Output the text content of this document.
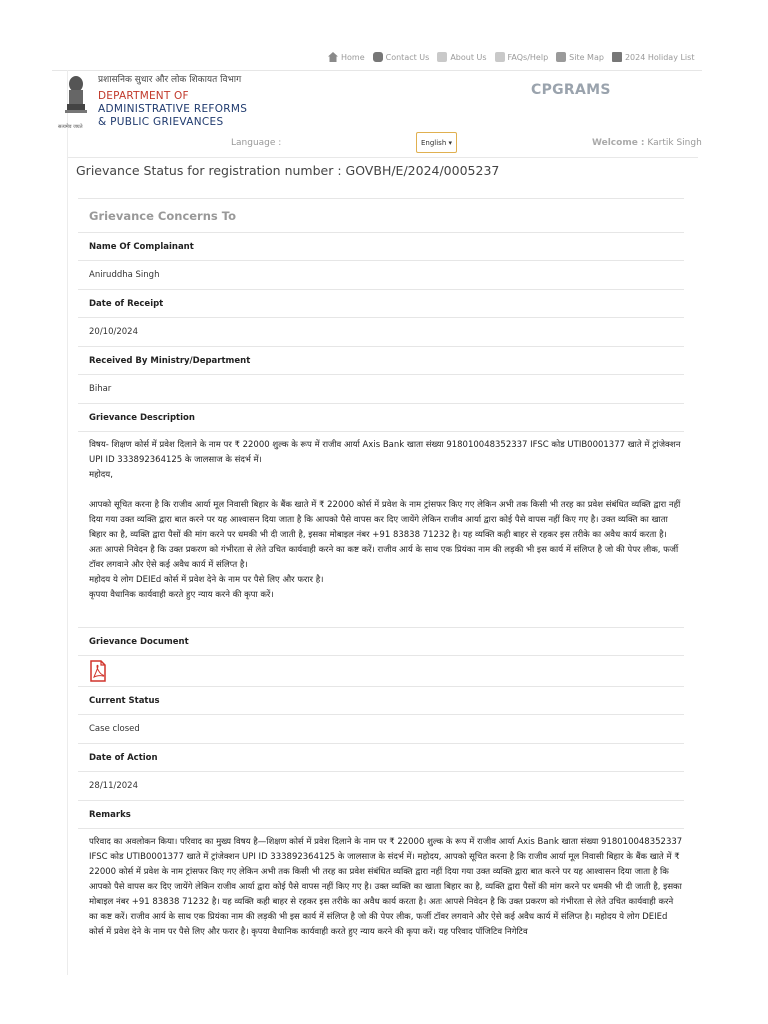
Home	Contact Us	About Us	FAQs/Help	Site Map	2024 Holiday List
सत्यमेव जयते
प्रशासनिक सुधार और लोक शिकायत विभाग
DEPARTMENT OF
ADMINISTRATIVE REFORMS
& PUBLIC GRIEVANCES
CPGRAMS
Language :	English ▾	Welcome : Kartik Singh
Grievance Status for registration number : GOVBH/E/2024/0005237
Grievance Concerns To
Name Of Complainant
Aniruddha Singh
Date of Receipt
20/10/2024
Received By Ministry/Department
Bihar
Grievance Description

विषय- शिक्षण कोर्स में प्रवेश दिलाने के नाम पर ₹ 22000 शुल्क के रूप में राजीव आर्या Axis Bank खाता संख्या 918010048352337 IFSC कोड UTIB0001377 खाते में ट्रांजेक्शन UPI ID 333892364125 के जालसाज के संदर्भ में।

महोदय,

आपको सूचित करना है कि राजीव आर्या मूल निवासी बिहार के बैंक खाते में ₹ 22000 कोर्स में प्रवेश के नाम ट्रांसफर किए गए लेकिन अभी तक किसी भी तरह का प्रवेश संबंधित व्यक्ति द्वारा नहीं दिया गया उक्त व्यक्ति द्वारा बात करने पर यह आश्वासन दिया जाता है कि आपको पैसे वापस कर दिए जायेंगे लेकिन राजीव आर्या द्वारा कोई पैसे वापस नहीं किए गए है। उक्त व्यक्ति का खाता बिहार का है, व्यक्ति द्वारा पैसों की मांग करने पर धमकी भी दी जाती है, इसका मोबाइल नंबर +91 83838 71232 है। यह व्यक्ति कही बाहर से रहकर इस तरीके का अवैध कार्य करता है।

अतः आपसे निवेदन है कि उक्त प्रकरण को गंभीरता से लेते उचित कार्यवाही करने का कष्ट करें। राजीव आर्य के साथ एक प्रियंका नाम की लड़की भी इस कार्य में संलिप्त है जो की पेपर लीक, फर्जी टॉवर लगवाने और ऐसे कई अवैध कार्य में संलिप्त है।

महोदय ये लोग DEIEd कोर्स में प्रवेश देने के नाम पर पैसे लिए और फरार है।

कृपया वैधानिक कार्यवाही करते हुए न्याय करने की कृपा करें।

Grievance Document
Current Status
Case closed
Date of Action
28/11/2024
Remarks

परिवाद का अवलोकन किया। परिवाद का मुख्य विषय है—शिक्षण कोर्स में प्रवेश दिलाने के नाम पर ₹ 22000 शुल्क के रूप में राजीव आर्या Axis Bank खाता संख्या 918010048352337 IFSC कोड UTIB0001377 खाते में ट्रांजेक्शन UPI ID 333892364125 के जालसाज के संदर्भ में। महोदय, आपको सूचित करना है कि राजीव आर्या मूल निवासी बिहार के बैंक खाते में ₹ 22000 कोर्स में प्रवेश के नाम ट्रांसफर किए गए लेकिन अभी तक किसी भी तरह का प्रवेश संबंधित व्यक्ति द्वारा नहीं दिया गया उक्त व्यक्ति द्वारा बात करने पर यह आश्वासन दिया जाता है कि आपको पैसे वापस कर दिए जायेंगे लेकिन राजीव आर्या द्वारा कोई पैसे वापस नहीं किए गए है। उक्त व्यक्ति का खाता बिहार का है, व्यक्ति द्वारा पैसों की मांग करने पर धमकी भी दी जाती है, इसका मोबाइल नंबर +91 83838 71232 है। यह व्यक्ति कही बाहर से रहकर इस तरीके का अवैध कार्य करता है। अतः आपसे निवेदन है कि उक्त प्रकरण को गंभीरता से लेते उचित कार्यवाही करने का कष्ट करें। राजीव आर्य के साथ एक प्रियंका नाम की लड़की भी इस कार्य में संलिप्त है जो की पेपर लीक, फर्जी टॉवर लगवाने और ऐसे कई अवैध कार्य में संलिप्त है। महोदय ये लोग DEIEd कोर्स में प्रवेश देने के नाम पर पैसे लिए और फरार है। कृपया वैधानिक कार्यवाही करते हुए न्याय करने की कृपा करें। यह परिवाद पॉजिटिव निगेटिव
